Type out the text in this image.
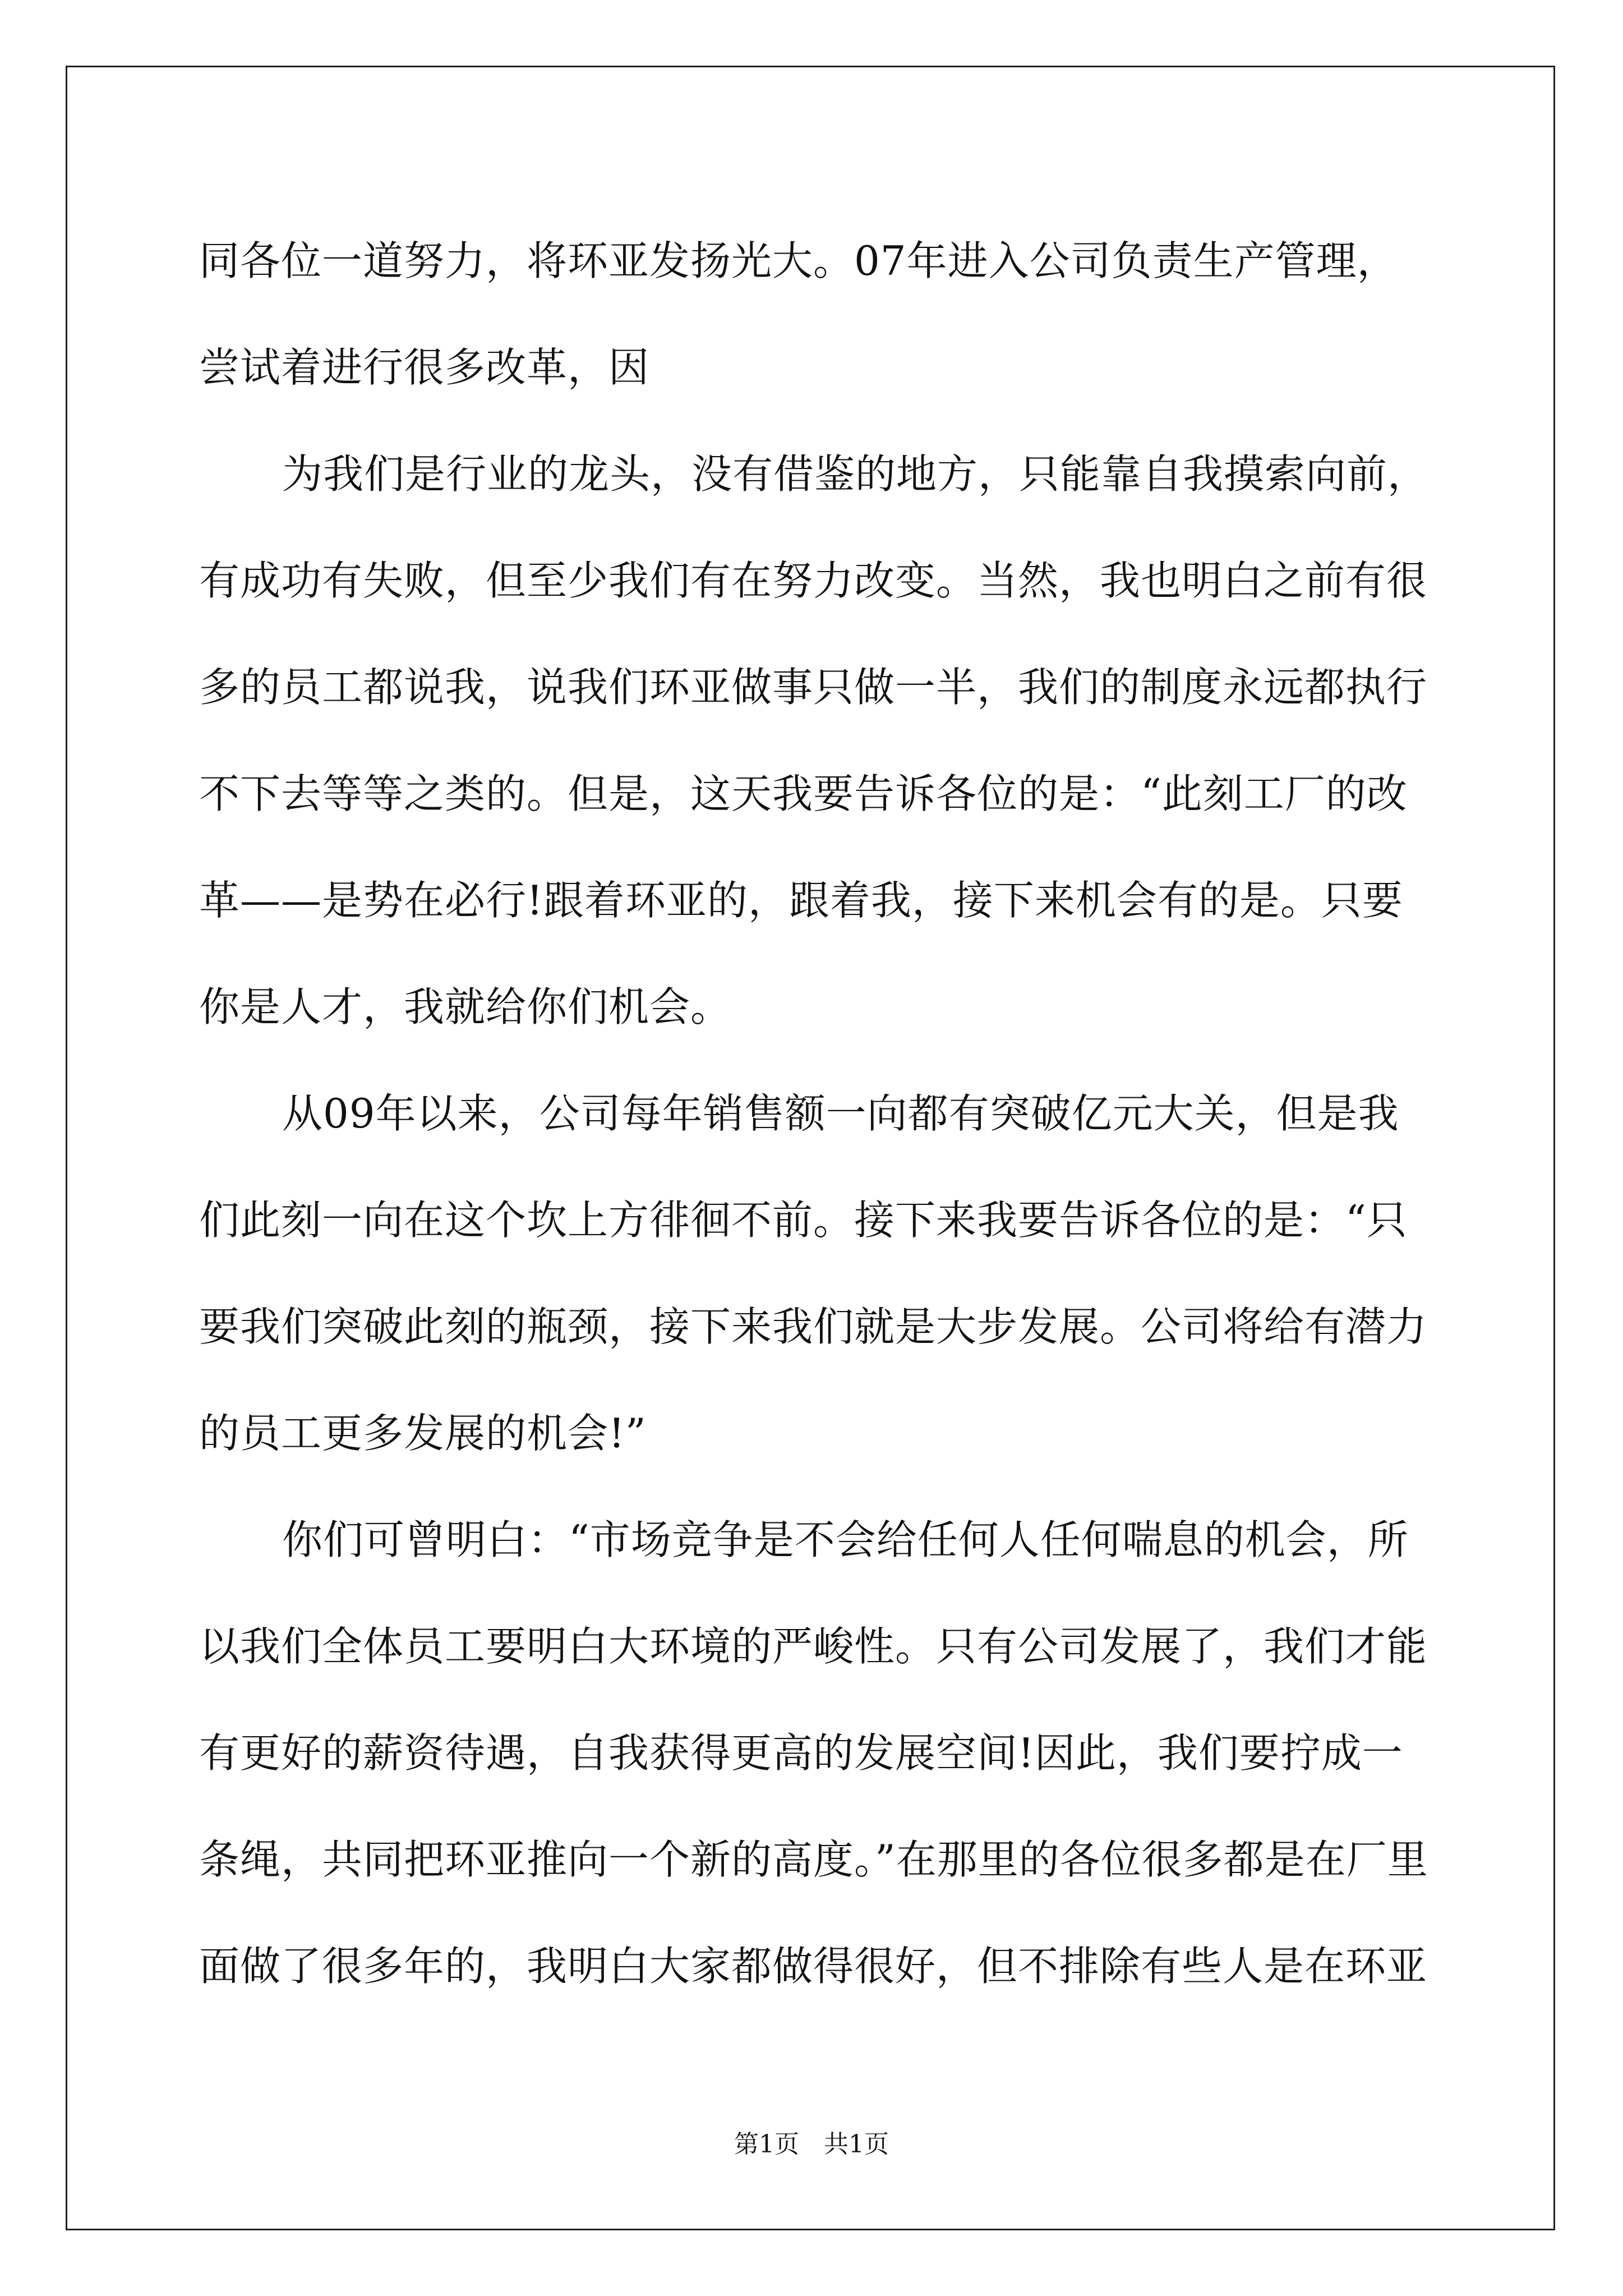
同各位一道努力，将环亚发扬光大。07年进入公司负责生产管理，尝试着进行很多改革，因

为我们是行业的龙头，没有借鉴的地方，只能靠自我摸索向前，有成功有失败，但至少我们有在努力改变。当然，我也明白之前有很多的员工都说我，说我们环亚做事只做一半，我们的制度永远都执行不下去等等之类的。但是，这天我要告诉各位的是：“此刻工厂的改革——是势在必行!跟着环亚的，跟着我，接下来机会有的是。只要你是人才，我就给你们机会。

从09年以来，公司每年销售额一向都有突破亿元大关，但是我们此刻一向在这个坎上方徘徊不前。接下来我要告诉各位的是：“只要我们突破此刻的瓶颈，接下来我们就是大步发展。公司将给有潜力的员工更多发展的机会!”

你们可曾明白：“市场竞争是不会给任何人任何喘息的机会，所以我们全体员工要明白大环境的严峻性。只有公司发展了，我们才能有更好的薪资待遇，自我获得更高的发展空间!因此，我们要拧成一条绳，共同把环亚推向一个新的高度。”在那里的各位很多都是在厂里面做了很多年的，我明白大家都做得很好，但不排除有些人是在环亚

第1页　共1页
